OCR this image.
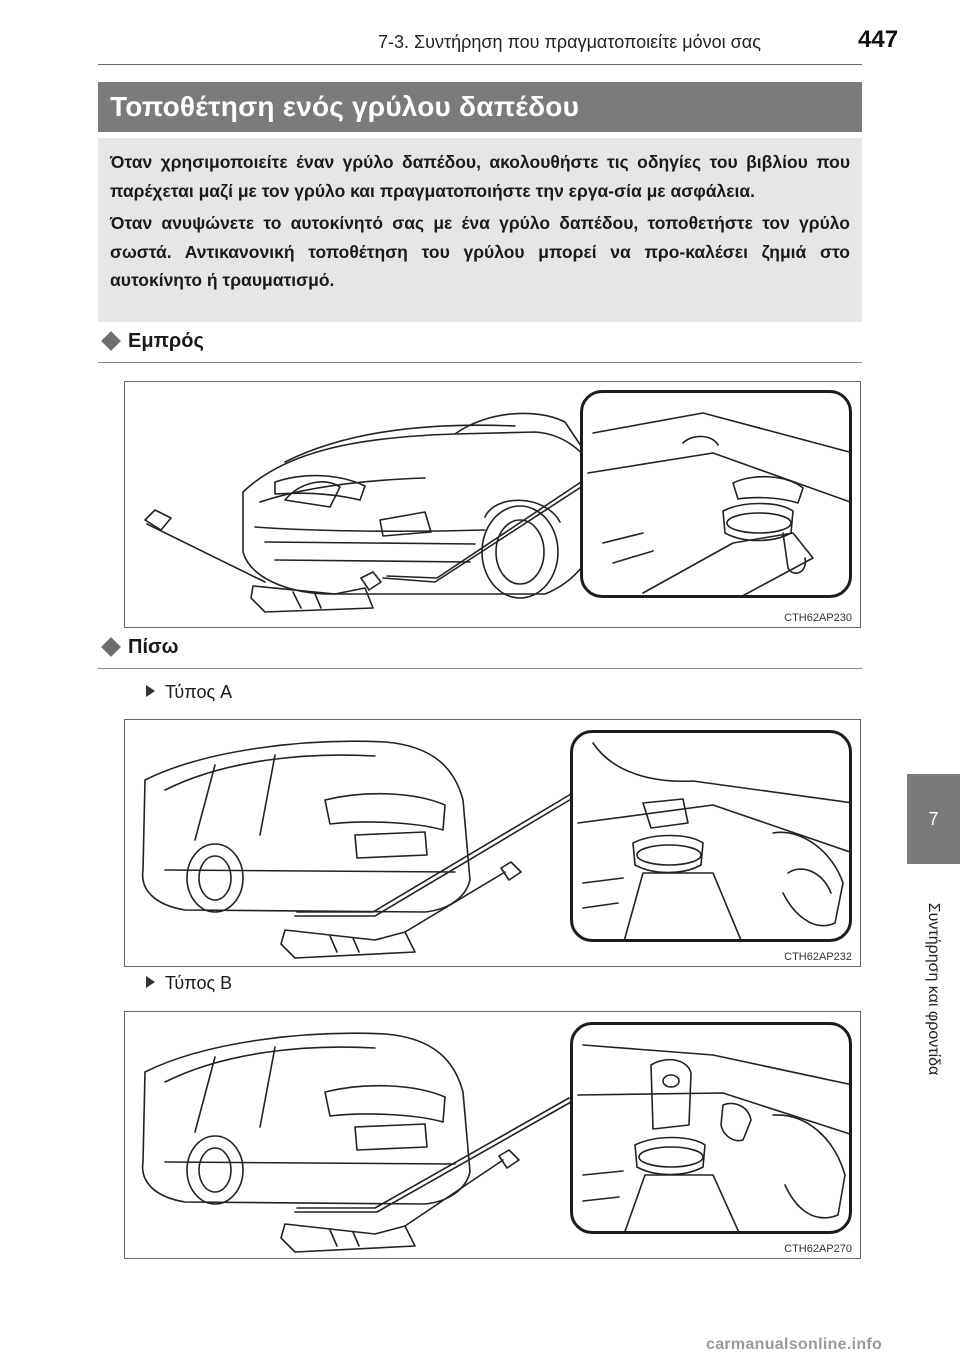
7-3. Συντήρηση που πραγματοποιείτε μόνοι σας	447
7
Συντήρηση και φροντίδα
Τοποθέτηση ενός γρύλου δαπέδου

Όταν χρησιμοποιείτε έναν γρύλο δαπέδου, ακολουθήστε τις οδηγίες του βιβλίου που παρέχεται μαζί με τον γρύλο και πραγματοποιήστε την εργα-σία με ασφάλεια.

Όταν ανυψώνετε το αυτοκίνητό σας με ένα γρύλο δαπέδου, τοποθετήστε τον γρύλο σωστά. Αντικανονική τοποθέτηση του γρύλου μπορεί να προ-καλέσει ζημιά στο αυτοκίνητο ή τραυματισμό.

Εμπρός
CTH62AP230
Πίσω
Τύπος A
CTH62AP232
Τύπος B
CTH62AP270
carmanualsonline.info
